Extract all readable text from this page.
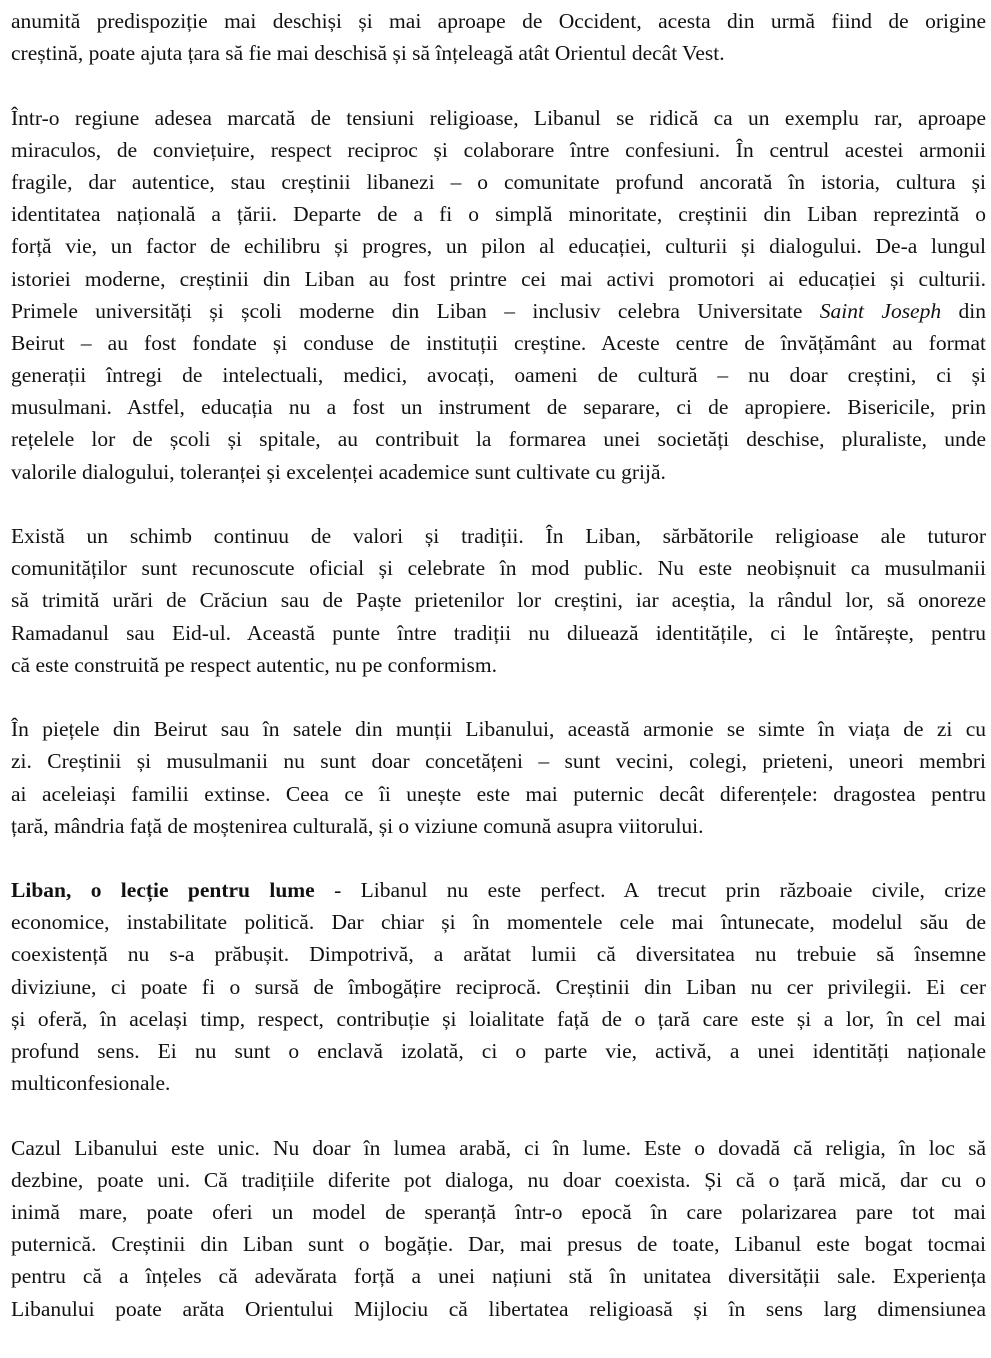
anumită predispoziție mai deschiși și mai aproape de Occident, acesta din urmă fiind de origine
creștină, poate ajuta țara să fie mai deschisă și să înțeleagă atât Orientul decât Vest.
Într-o regiune adesea marcată de tensiuni religioase, Libanul se ridică ca un exemplu rar, aproape
miraculos, de conviețuire, respect reciproc și colaborare între confesiuni. În centrul acestei armonii
fragile, dar autentice, stau creștinii libanezi – o comunitate profund ancorată în istoria, cultura și
identitatea națională a țării. Departe de a fi o simplă minoritate, creștinii din Liban reprezintă o
forță vie, un factor de echilibru și progres, un pilon al educației, culturii și dialogului. De-a lungul
istoriei moderne, creștinii din Liban au fost printre cei mai activi promotori ai educației și culturii.
Primele universități și școli moderne din Liban – inclusiv celebra Universitate Saint Joseph din
Beirut – au fost fondate și conduse de instituții creștine. Aceste centre de învățământ au format
generații întregi de intelectuali, medici, avocați, oameni de cultură – nu doar creștini, ci și
musulmani. Astfel, educația nu a fost un instrument de separare, ci de apropiere. Bisericile, prin
rețelele lor de școli și spitale, au contribuit la formarea unei societăți deschise, pluraliste, unde
valorile dialogului, toleranței și excelenței academice sunt cultivate cu grijă.
Există un schimb continuu de valori și tradiții. În Liban, sărbătorile religioase ale tuturor
comunităților sunt recunoscute oficial și celebrate în mod public. Nu este neobișnuit ca musulmanii
să trimită urări de Crăciun sau de Paște prietenilor lor creștini, iar aceștia, la rândul lor, să onoreze
Ramadanul sau Eid-ul. Această punte între tradiții nu diluează identitățile, ci le întărește, pentru
că este construită pe respect autentic, nu pe conformism.
În piețele din Beirut sau în satele din munții Libanului, această armonie se simte în viața de zi cu
zi. Creștinii și musulmanii nu sunt doar concetățeni – sunt vecini, colegi, prieteni, uneori membri
ai aceleiași familii extinse. Ceea ce îi unește este mai puternic decât diferențele: dragostea pentru
țară, mândria față de moștenirea culturală, și o viziune comună asupra viitorului.
Liban, o lecție pentru lume - Libanul nu este perfect. A trecut prin războaie civile, crize
economice, instabilitate politică. Dar chiar și în momentele cele mai întunecate, modelul său de
coexistență nu s-a prăbușit. Dimpotrivă, a arătat lumii că diversitatea nu trebuie să însemne
diviziune, ci poate fi o sursă de îmbogățire reciprocă. Creștinii din Liban nu cer privilegii. Ei cer
și oferă, în același timp, respect, contribuție și loialitate față de o țară care este și a lor, în cel mai
profund sens. Ei nu sunt o enclavă izolată, ci o parte vie, activă, a unei identități naționale
multiconfesionale.
Cazul Libanului este unic. Nu doar în lumea arabă, ci în lume. Este o dovadă că religia, în loc să
dezbine, poate uni. Că tradițiile diferite pot dialoga, nu doar coexista. Și că o țară mică, dar cu o
inimă mare, poate oferi un model de speranță într-o epocă în care polarizarea pare tot mai
puternică. Creștinii din Liban sunt o bogăție. Dar, mai presus de toate, Libanul este bogat tocmai
pentru că a înțeles că adevărata forță a unei națiuni stă în unitatea diversității sale. Experiența
Libanului poate arăta Orientului Mijlociu că libertatea religioasă și în sens larg dimensiunea
